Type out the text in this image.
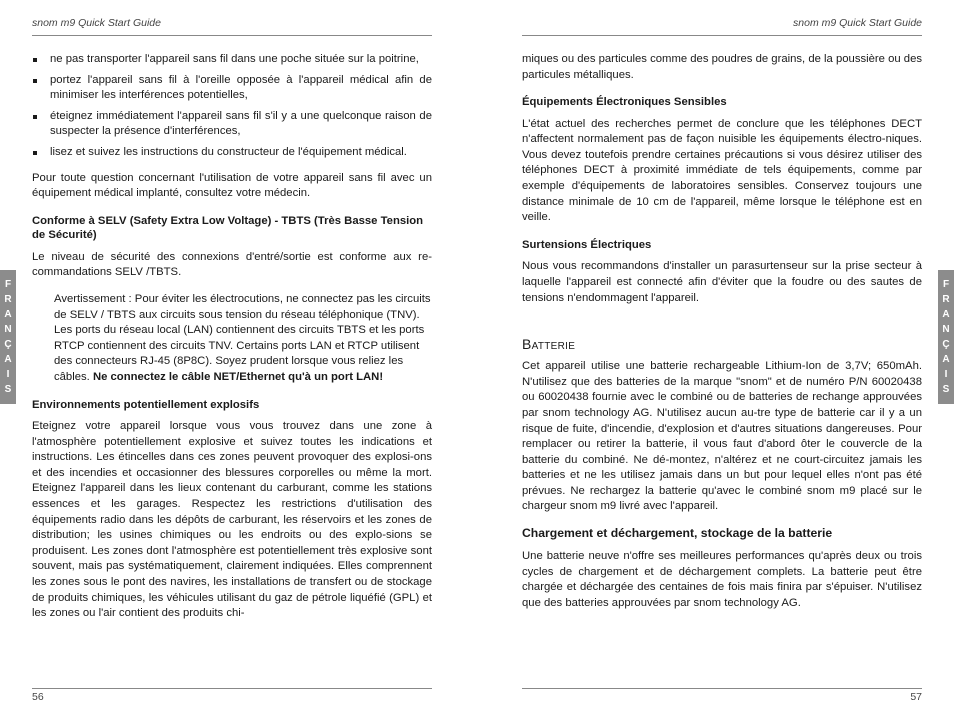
snom m9 Quick Start Guide
ne pas transporter l'appareil sans fil dans une poche située sur la poitrine,
portez l'appareil sans fil à l'oreille opposée à l'appareil médical afin de minimiser les interférences potentielles,
éteignez immédiatement l'appareil sans fil s'il y a une quelconque raison de suspecter la présence d'interférences,
lisez et suivez les instructions du constructeur de l'équipement médical.

Pour toute question concernant l'utilisation de votre appareil sans fil avec un équipement médical implanté, consultez votre médecin.

Conforme à SELV (Safety Extra Low Voltage) - TBTS (Très Basse Tension de Sécurité)

Le niveau de sécurité des connexions d'entré/sortie est conforme aux re-commandations SELV /TBTS.

Avertissement : Pour éviter les électrocutions, ne connectez pas les circuits de SELV / TBTS aux circuits sous tension du réseau téléphonique (TNV). Les ports du réseau local (LAN) contiennent des circuits TBTS et les ports RTCP contiennent des circuits TNV. Certains ports LAN et RTCP utilisent des connecteurs RJ-45 (8P8C). Soyez prudent lorsque vous reliez les câbles. Ne connectez le câble NET/Ethernet qu'à un port LAN!
Environnements potentiellement explosifs

Eteignez votre appareil lorsque vous vous trouvez dans une zone à l'atmosphère potentiellement explosive et suivez toutes les indications et instructions. Les étincelles dans ces zones peuvent provoquer des explosi-ons et des incendies et occasionner des blessures corporelles ou même la mort. Eteignez l'appareil dans les lieux contenant du carburant, comme les stations essences et les garages. Respectez les restrictions d'utilisation des équipements radio dans les dépôts de carburant, les réservoirs et les zones de distribution; les usines chimiques ou les endroits ou des explo-sions se produisent. Les zones dont l'atmosphère est potentiellement très explosive sont souvent, mais pas systématiquement, clairement indiquées. Elles comprennent les zones sous le pont des navires, les installations de transfert ou de stockage de produits chimiques, les véhicules utilisant du gaz de pétrole liquéfié (GPL) et les zones ou l'air contient des produits chi-

56
snom m9 Quick Start Guide

miques ou des particules comme des poudres de grains, de la poussière ou des particules métalliques.

Équipements Électroniques Sensibles

L'état actuel des recherches permet de conclure que les téléphones DECT n'affectent normalement pas de façon nuisible les équipements électro-niques. Vous devez toutefois prendre certaines précautions si vous désirez utiliser des téléphones DECT à proximité immédiate de tels équipements, comme par exemple d'équipements de laboratoires sensibles. Conservez toujours une distance minimale de 10 cm de l'appareil, même lorsque le téléphone est en veille.

Surtensions Électriques

Nous vous recommandons d'installer un parasurtenseur sur la prise secteur à laquelle l'appareil est connecté afin d'éviter que la foudre ou des sautes de tensions n'endommagent l'appareil.

Batterie

Cet appareil utilise une batterie rechargeable Lithium-Ion de 3,7V; 650mAh. N'utilisez que des batteries de la marque "snom" et de numéro P/N 60020438 ou 60020438 fournie avec le combiné ou de batteries de rechange approuvées par snom technology AG. N'utilisez aucun au-tre type de batterie car il y a un risque de fuite, d'incendie, d'explosion et d'autres situations dangereuses. Pour remplacer ou retirer la batterie, il vous faut d'abord ôter le couvercle de la batterie du combiné. Ne dé-montez, n'altérez et ne court-circuitez jamais les batteries et ne les utilisez jamais dans un but pour lequel elles n'ont pas été prévues. Ne rechargez la batterie qu'avec le combiné snom m9 placé sur le chargeur snom m9 livré avec l'appareil.

Chargement et déchargement, stockage de la batterie

Une batterie neuve n'offre ses meilleures performances qu'après deux ou trois cycles de chargement et de déchargement complets. La batterie peut être chargée et déchargée des centaines de fois mais finira par s'épuiser. N'utilisez que des batteries approuvées par snom technology AG.

57
F
R
A
N
Ç
A
I
S
F
R
A
N
Ç
A
I
S
